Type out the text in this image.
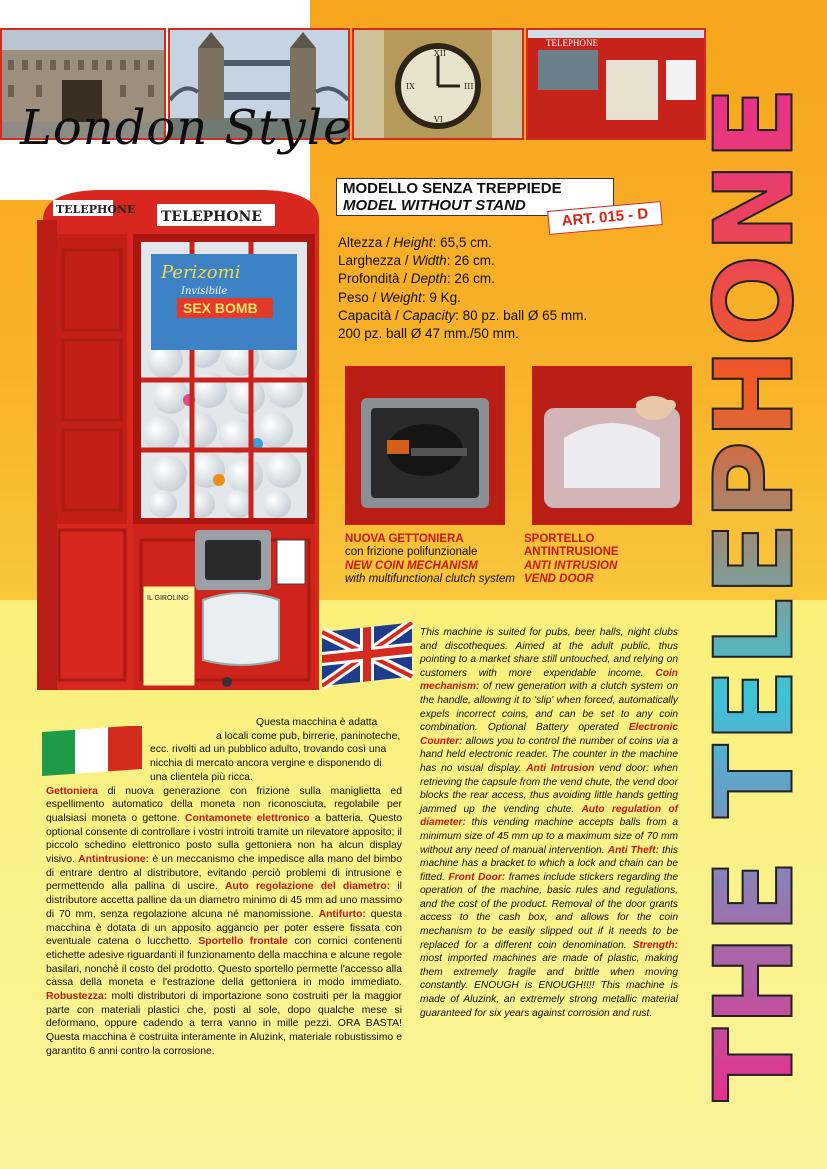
XII
III
VI
IX
TELEPHONE
London Style	THE TELEPHONE
MODELLO SENZA TREPPIEDE
MODEL WITHOUT STAND	ART. 015 - D
Altezza / Height: 65,5 cm.
Larghezza / Width: 26 cm.
Profondità / Depth: 26 cm.
Peso / Weight: 9 Kg.
Capacità / Capacity: 80 pz. ball Ø 65 mm.
200 pz. ball Ø 47 mm./50 mm.
NUOVA GETTONIERA
con frizione polifunzionale
NEW COIN MECHANISM
with multifunctional clutch system
SPORTELLO
ANTINTRUSIONE
ANTI INTRUSION
VEND DOOR
TELEPHONE TELEPHONE
Perizomi
Invisibile
SEX BOMB
IL GIROLINO
Questa macchina è adatta
a locali come pub, birrerie, paninoteche,
ecc. rivolti ad un pubblico adulto, trovando così una
nicchia di mercato ancora vergine e disponendo di
una clientela più ricca.
Gettoniera di nuova generazione con frizione sulla maniglietta ed espellimento automatico della moneta non riconosciuta, regolabile per qualsiasi moneta o gettone. Contamonete elettronico a batteria. Questo optional consente di controllare i vostri introiti tramite un rilevatore apposito; il piccolo schedino elettronico posto sulla gettoniera non ha alcun display visivo. Antintrusione: è un meccanismo che impedisce alla mano del bimbo di entrare dentro al distributore, evitando perciò problemi di intrusione e permettendo alla pallina di uscire. Auto regolazione del diametro: il distributore accetta palline da un diametro minimo di 45 mm ad uno massimo di 70 mm, senza regolazione alcuna né manomissione. Antifurto: questa macchina è dotata di un apposito aggancio per poter essere fissata con eventuale catena o lucchetto. Sportello frontale con cornici contenenti etichette adesive riguardanti il funzionamento della macchina e alcune regole basilari, nonchè il costo del prodotto. Questo sportello permette l'accesso alla cassa della moneta e l'estrazione della gettoniera in modo immediato. Robustezza: molti distributori di importazione sono costruiti per la maggior parte con materiali plastici che, posti al sole, dopo qualche mese si deformano, oppure cadendo a terra vanno in mille pezzi. ORA BASTA! Questa macchina è costruita interamente in Aluzink, materiale robustissimo e garantito 6 anni contro la corrosione.
This machine is suited for pubs, beer halls, night clubs and discotheques. Aimed at the adult public, thus pointing to a market share still untouched, and relying on customers with more expendable income. Coin mechanism: of new generation with a clutch system on the handle, allowing it to 'slip' when forced, automatically expels incorrect coins, and can be set to any coin combination. Optional Battery operated Electronic Counter: allows you to control the number of coins via a hand held electronic reader. The counter in the machine has no visual display. Anti Intrusion vend door: when retrieving the capsule from the vend chute, the vend door blocks the rear access, thus avoiding little hands getting jammed up the vending chute. Auto regulation of diameter: this vending machine accepts balls from a minimum size of 45 mm up to a maximum size of 70 mm without any need of manual intervention. Anti Theft: this machine has a bracket to which a lock and chain can be fitted. Front Door: frames include stickers regarding the operation of the machine, basic rules and regulations, and the cost of the product. Removal of the door grants access to the cash box, and allows for the coin mechanism to be easily slipped out if it needs to be replaced for a different coin denomination. Strength: most imported machines are made of plastic, making them extremely fragile and brittle when moving constantly. ENOUGH is ENOUGH!!!! This machine is made of Aluzink, an extremely strong metallic material guaranteed for six years against corrosion and rust.
